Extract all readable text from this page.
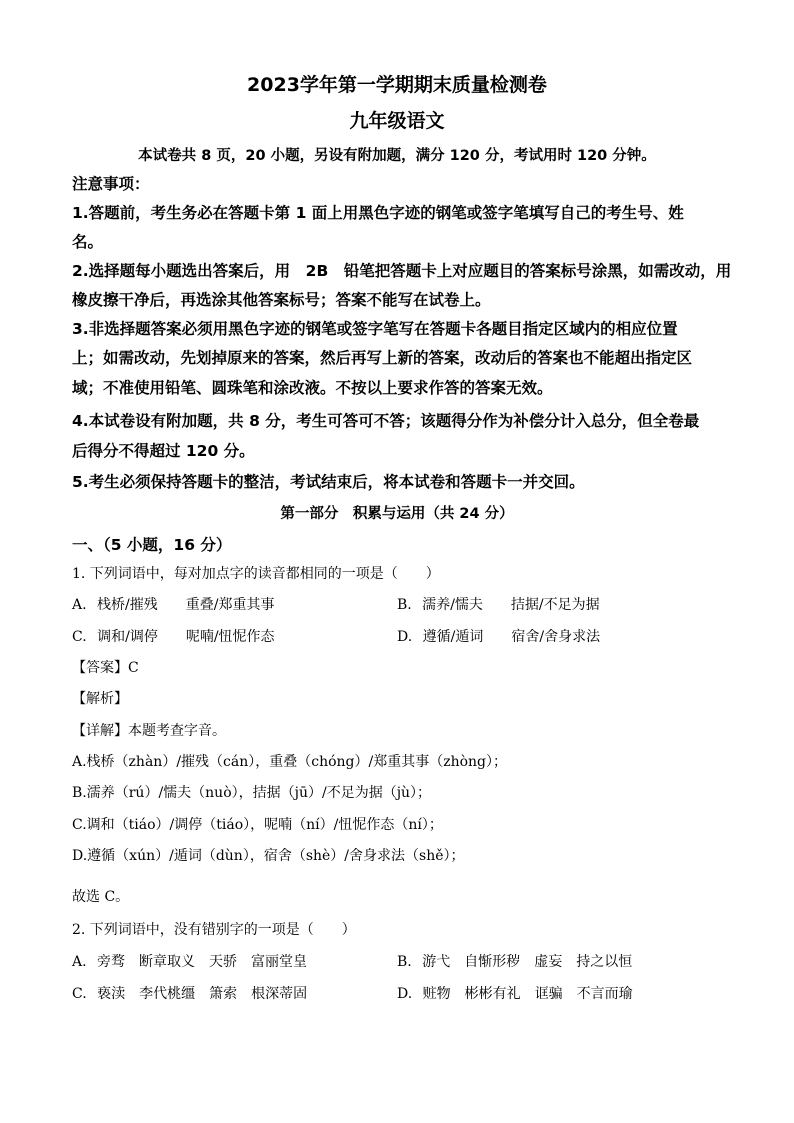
2023学年第一学期期末质量检测卷
九年级语文
本试卷共 8 页，20 小题，另设有附加题，满分 120 分，考试用时 120 分钟。
注意事项：
1.答题前，考生务必在答题卡第 1 面上用黑色字迹的钢笔或签字笔填写自己的考生号、姓
名。
2.选择题每小题选出答案后，用　2B　铅笔把答题卡上对应题目的答案标号涂黑，如需改动，用
橡皮擦干净后，再选涂其他答案标号；答案不能写在试卷上。
3.非选择题答案必须用黑色字迹的钢笔或签字笔写在答题卡各题目指定区域内的相应位置
上；如需改动，先划掉原来的答案，然后再写上新的答案，改动后的答案也不能超出指定区
域；不准使用铅笔、圆珠笔和涂改液。不按以上要求作答的答案无效。
4.本试卷设有附加题，共 8 分，考生可答可不答；该题得分作为补偿分计入总分，但全卷最
后得分不得超过 120 分。
5.考生必须保持答题卡的整洁，考试结束后，将本试卷和答题卡一并交回。
第一部分　积累与运用（共 24 分）
一、（5 小题，16 分）
1. 下列词语中，每对加点字的读音都相同的一项是（　　）
A. 栈桥/摧残　　重叠/郑重其事	B. 濡养/懦夫　　拮据/不足为据
C. 调和/调停　　呢喃/忸怩作态	D. 遵循/遁词　　宿舍/舍身求法
【答案】C
【解析】
【详解】本题考查字音。
A.栈桥（zhàn）/摧残（cán），重叠（chóng）/郑重其事（zhòng）；
B.濡养（rú）/懦夫（nuò），拮据（jū）/不足为据（jù）；
C.调和（tiáo）/调停（tiáo），呢喃（ní）/忸怩作态（ní）；
D.遵循（xún）/遁词（dùn），宿舍（shè）/舍身求法（shě）；
故选 C。
2. 下列词语中，没有错别字的一项是（　　）
A. 旁骛　断章取义　天骄　富丽堂皇	B. 游弋　自惭形秽　虚妄　持之以恒
C. 亵渎　李代桃缰　箫索　根深蒂固	D. 赃物　彬彬有礼　诓骗　不言而瑜
